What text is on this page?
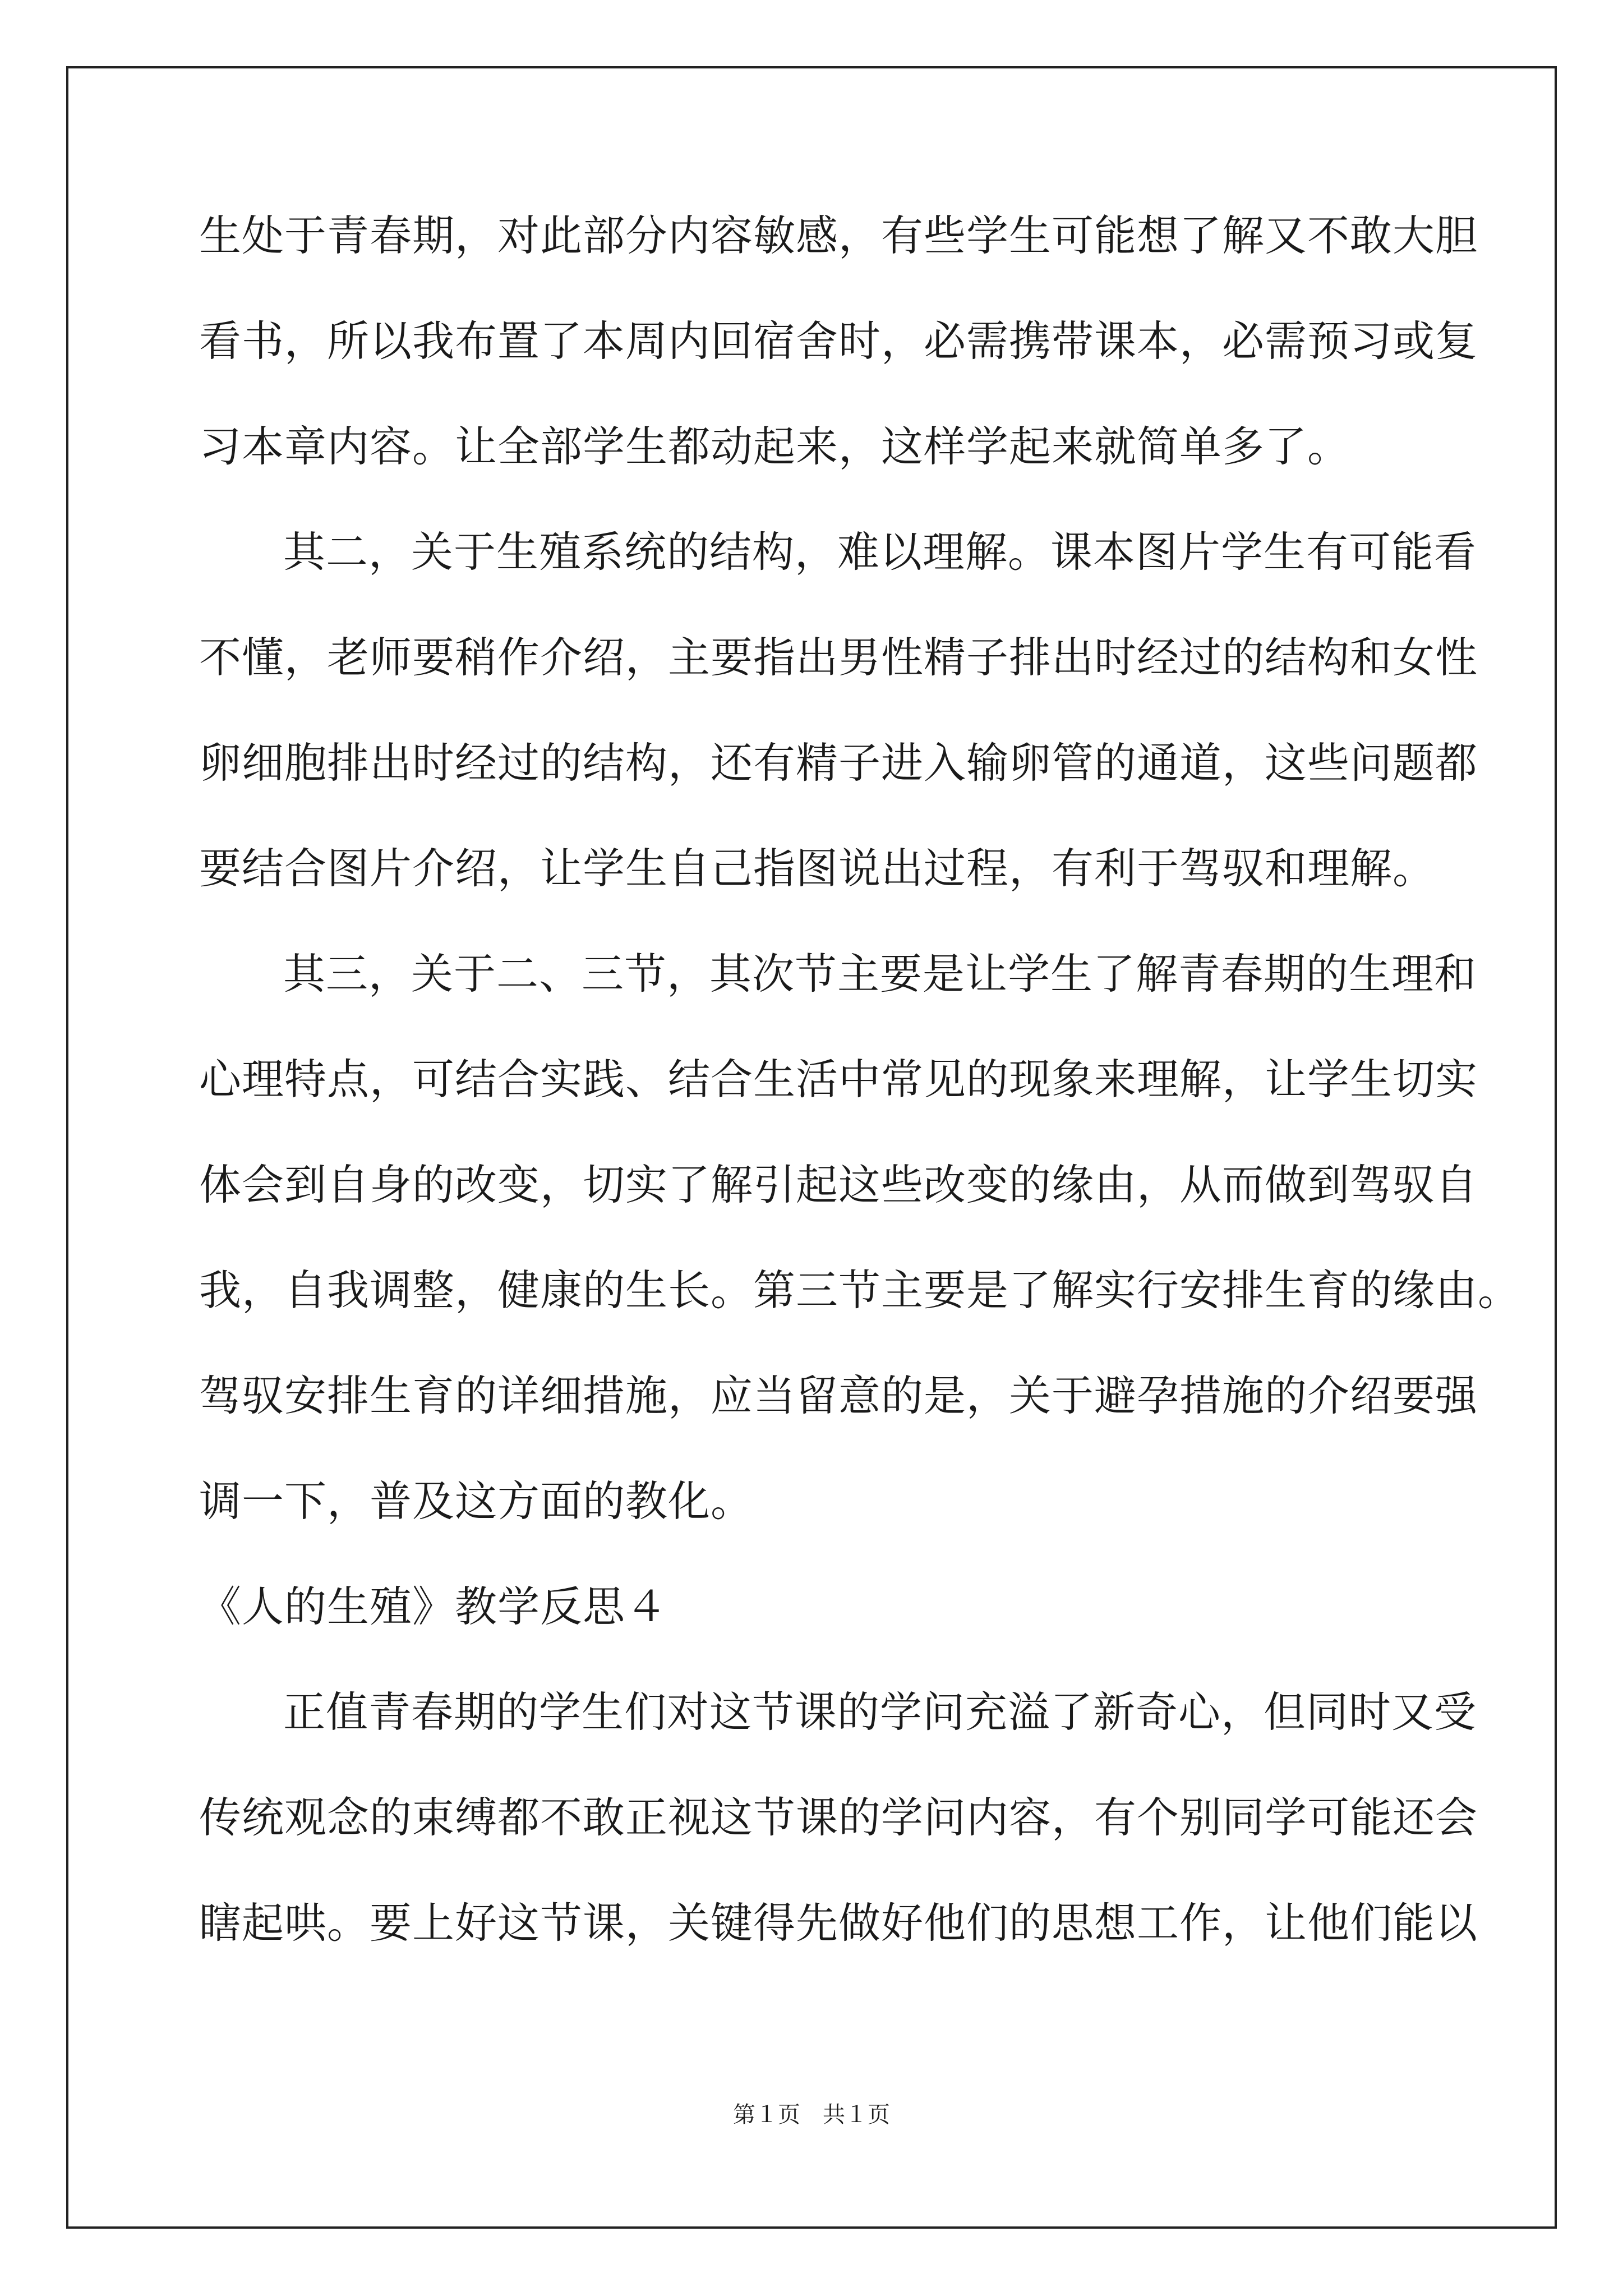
生处于青春期，对此部分内容敏感，有些学生可能想了解又不敢大胆
看书，所以我布置了本周内回宿舍时，必需携带课本，必需预习或复
习本章内容。让全部学生都动起来，这样学起来就简单多了。
其二，关于生殖系统的结构，难以理解。课本图片学生有可能看
不懂，老师要稍作介绍，主要指出男性精子排出时经过的结构和女性
卵细胞排出时经过的结构，还有精子进入输卵管的通道，这些问题都
要结合图片介绍，让学生自己指图说出过程，有利于驾驭和理解。
其三，关于二、三节，其次节主要是让学生了解青春期的生理和
心理特点，可结合实践、结合生活中常见的现象来理解，让学生切实
体会到自身的改变，切实了解引起这些改变的缘由，从而做到驾驭自
我，自我调整，健康的生长。第三节主要是了解实行安排生育的缘由。
驾驭安排生育的详细措施，应当留意的是，关于避孕措施的介绍要强
调一下，普及这方面的教化。
《人的生殖》教学反思４
正值青春期的学生们对这节课的学问充溢了新奇心，但同时又受
传统观念的束缚都不敢正视这节课的学问内容，有个别同学可能还会
瞎起哄。要上好这节课，关键得先做好他们的思想工作，让他们能以
第１页　共１页
